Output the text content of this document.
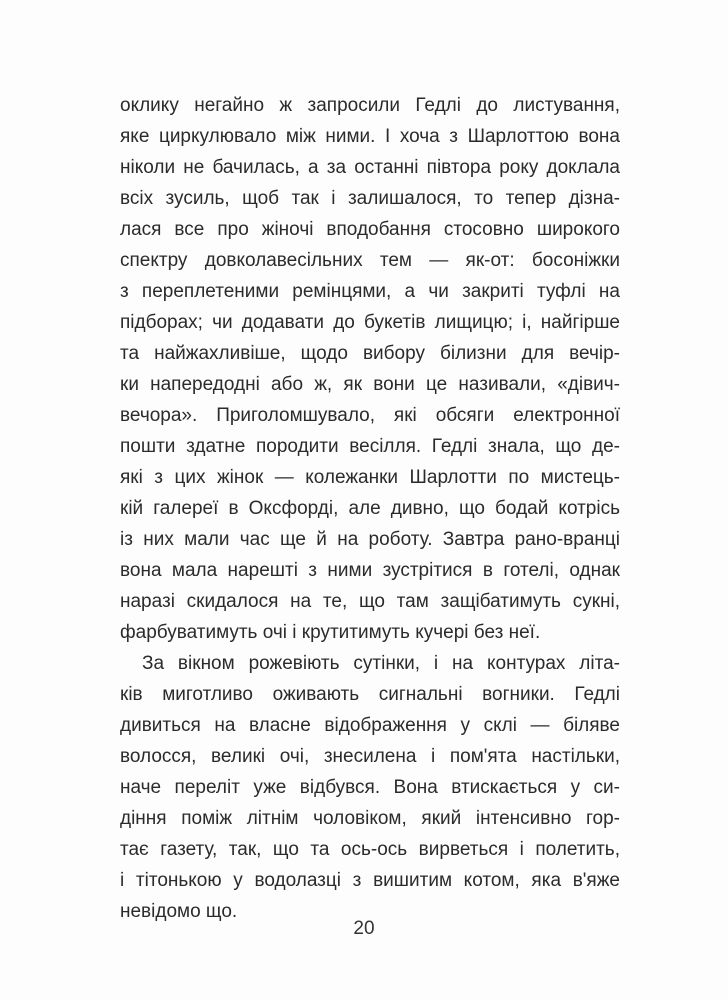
оклику негайно ж запросили Гедлі до листування,
яке циркулювало між ними. І хоча з Шарлоттою вона
ніколи не бачилась, а за останні півтора року доклала
всіх зусиль, щоб так і залишалося, то тепер дізна-
лася все про жіночі вподобання стосовно широкого
спектру довколавесільних тем — як-от: босоніжки
з переплетеними ремінцями, а чи закриті туфлі на
підборах; чи додавати до букетів лищицю; і, найгірше
та найжахливіше, щодо вибору білизни для вечір-
ки напередодні або ж, як вони це називали, «дівич-
вечора». Приголомшувало, які обсяги електронної
пошти здатне породити весілля. Гедлі знала, що де-
які з цих жінок — колежанки Шарлотти по мистець-
кій галереї в Оксфорді, але дивно, що бодай котрісь
із них мали час ще й на роботу. Завтра рано-вранці
вона мала нарешті з ними зустрітися в готелі, однак
наразі скидалося на те, що там защібатимуть сукні,
фарбуватимуть очі і крутитимуть кучері без неї.

За вікном рожевіють сутінки, і на контурах літа-
ків миготливо оживають сигнальні вогники. Гедлі
дивиться на власне відображення у склі — біляве
волосся, великі очі, знесилена і пом'ята настільки,
наче переліт уже відбувся. Вона втискається у си-
діння поміж літнім чоловіком, який інтенсивно гор-
тає газету, так, що та ось-ось вирветься і полетить,
і тітонькою у водолазці з вишитим котом, яка в'яже
невідомо що.

20
